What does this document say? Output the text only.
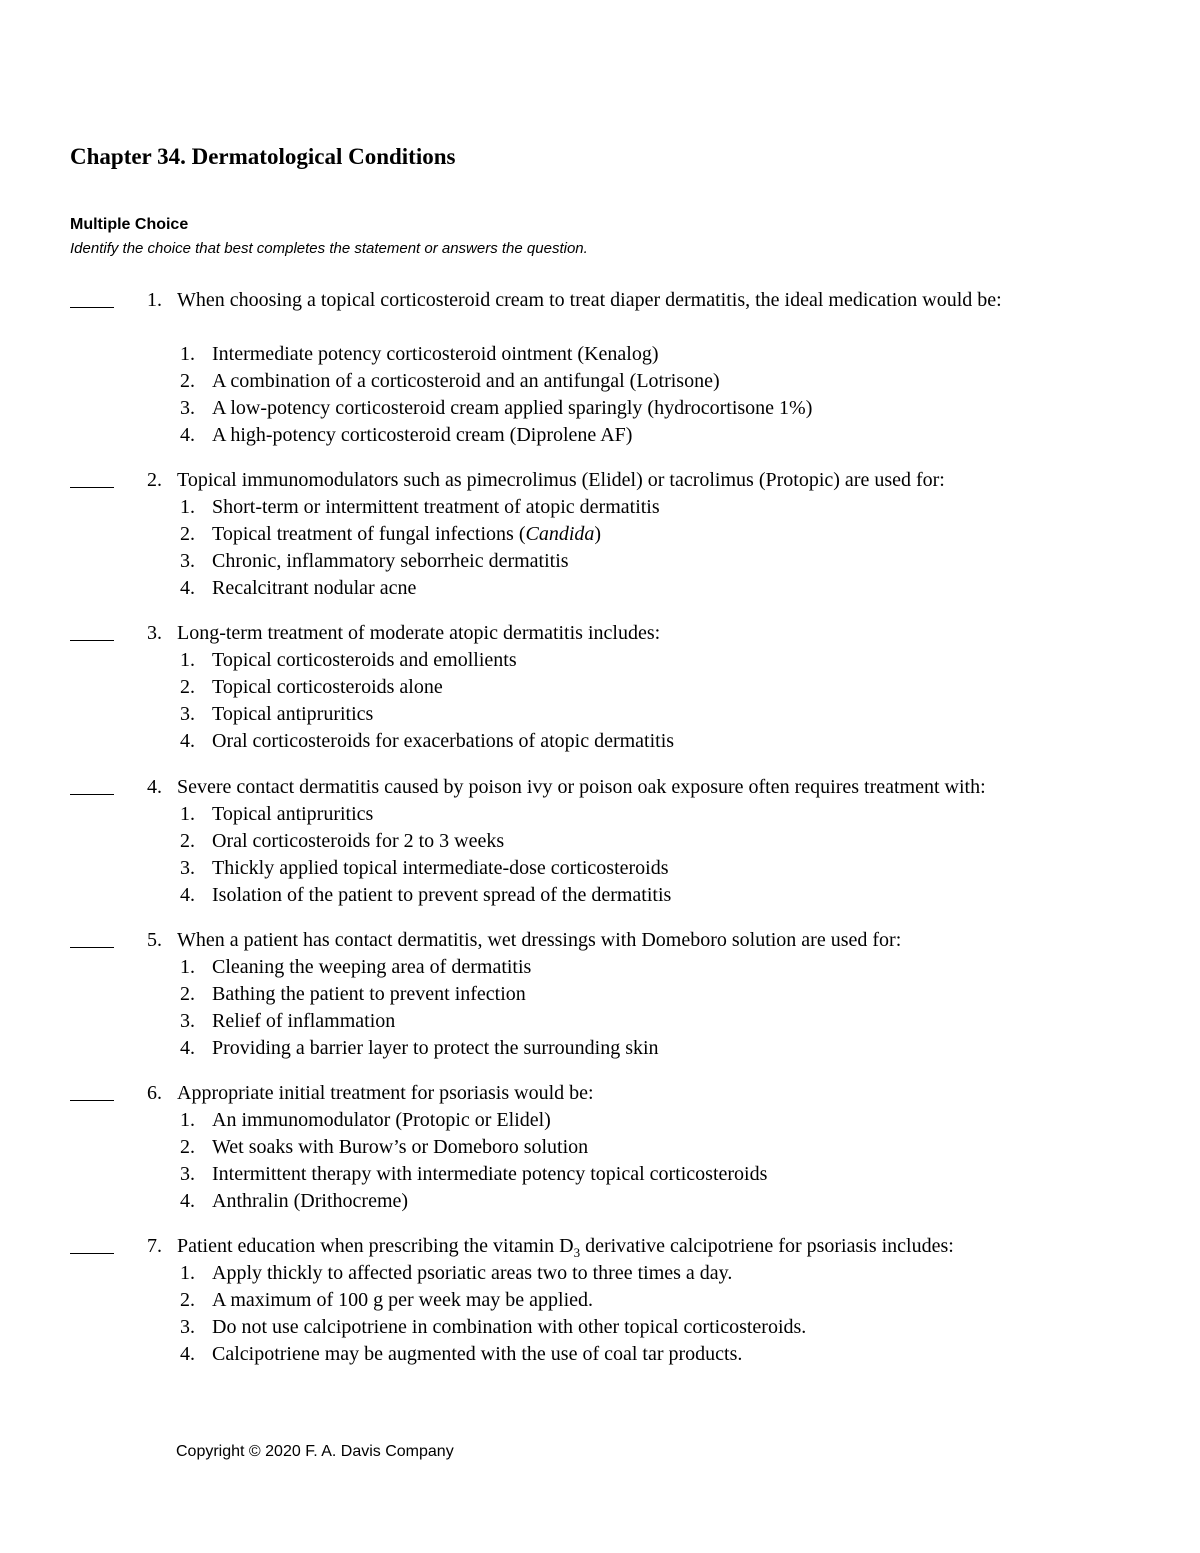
Chapter 34. Dermatological Conditions
Multiple Choice
Identify the choice that best completes the statement or answers the question.
1. When choosing a topical corticosteroid cream to treat diaper dermatitis, the ideal medication would be:
1. Intermediate potency corticosteroid ointment (Kenalog)
2. A combination of a corticosteroid and an antifungal (Lotrisone)
3. A low-potency corticosteroid cream applied sparingly (hydrocortisone 1%)
4. A high-potency corticosteroid cream (Diprolene AF)
2. Topical immunomodulators such as pimecrolimus (Elidel) or tacrolimus (Protopic) are used for:
1. Short-term or intermittent treatment of atopic dermatitis
2. Topical treatment of fungal infections (Candida)
3. Chronic, inflammatory seborrheic dermatitis
4. Recalcitrant nodular acne
3. Long-term treatment of moderate atopic dermatitis includes:
1. Topical corticosteroids and emollients
2. Topical corticosteroids alone
3. Topical antipruritics
4. Oral corticosteroids for exacerbations of atopic dermatitis
4. Severe contact dermatitis caused by poison ivy or poison oak exposure often requires treatment with:
1. Topical antipruritics
2. Oral corticosteroids for 2 to 3 weeks
3. Thickly applied topical intermediate-dose corticosteroids
4. Isolation of the patient to prevent spread of the dermatitis
5. When a patient has contact dermatitis, wet dressings with Domeboro solution are used for:
1. Cleaning the weeping area of dermatitis
2. Bathing the patient to prevent infection
3. Relief of inflammation
4. Providing a barrier layer to protect the surrounding skin
6. Appropriate initial treatment for psoriasis would be:
1. An immunomodulator (Protopic or Elidel)
2. Wet soaks with Burow’s or Domeboro solution
3. Intermittent therapy with intermediate potency topical corticosteroids
4. Anthralin (Drithocreme)
7. Patient education when prescribing the vitamin $D_3$ derivative calcipotriene for psoriasis includes:
1. Apply thickly to affected psoriatic areas two to three times a day.
2. A maximum of 100 g per week may be applied.
3. Do not use calcipotriene in combination with other topical corticosteroids.
4. Calcipotriene may be augmented with the use of coal tar products.
Copyright © 2020 F. A. Davis Company
